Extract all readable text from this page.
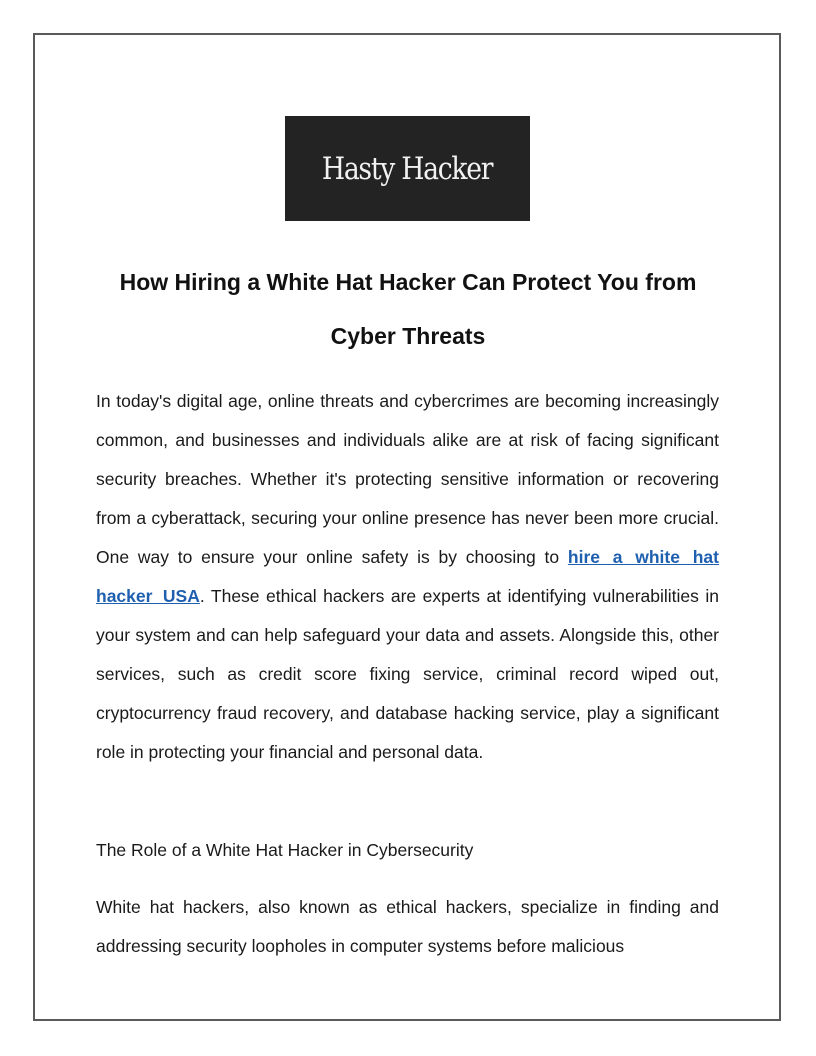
Hasty Hacker
How Hiring a White Hat Hacker Can Protect You from Cyber Threats

In today's digital age, online threats and cybercrimes are becoming increasingly common, and businesses and individuals alike are at risk of facing significant security breaches. Whether it's protecting sensitive information or recovering from a cyberattack, securing your online presence has never been more crucial. One way to ensure your online safety is by choosing to hire a white hat hacker USA. These ethical hackers are experts at identifying vulnerabilities in your system and can help safeguard your data and assets. Alongside this, other services, such as credit score fixing service, criminal record wiped out, cryptocurrency fraud recovery, and database hacking service, play a significant role in protecting your financial and personal data.

The Role of a White Hat Hacker in Cybersecurity

White hat hackers, also known as ethical hackers, specialize in finding and addressing security loopholes in computer systems before malicious
